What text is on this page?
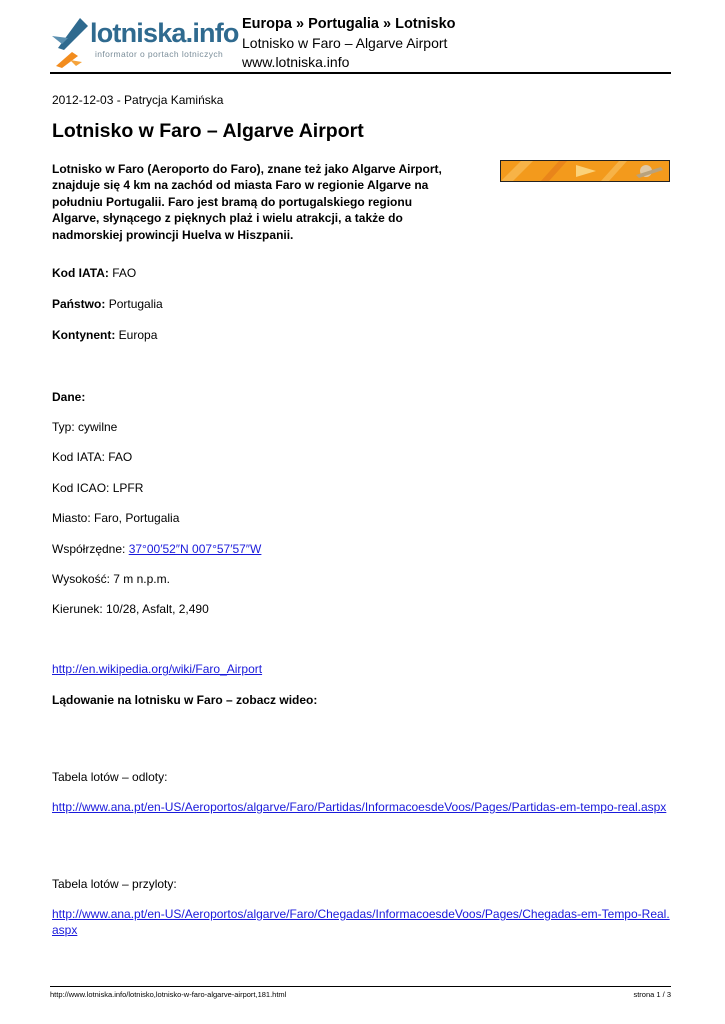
lotniska.info
informator o portach lotniczych
Europa » Portugalia » Lotnisko
Lotnisko w Faro – Algarve Airport
www.lotniska.info
2012-12-03 - Patrycja Kamińska
Lotnisko w Faro – Algarve Airport

Lotnisko w Faro (Aeroporto do Faro), znane też jako Algarve Airport, znajduje się 4 km na zachód od miasta Faro w regionie Algarve na południu Portugalii. Faro jest bramą do portugalskiego regionu Algarve, słynącego z pięknych plaż i wielu atrakcji, a także do nadmorskiej prowincji Huelva w Hiszpanii.

Kod IATA: FAO
Państwo: Portugalia
Kontynent: Europa
Dane:
Typ: cywilne
Kod IATA: FAO
Kod ICAO: LPFR
Miasto: Faro, Portugalia
Współrzędne: 37°00′52″N 007°57′57″W
Wysokość: 7 m n.p.m.
Kierunek: 10/28, Asfalt, 2,490
http://en.wikipedia.org/wiki/Faro_Airport
Lądowanie na lotnisku w Faro – zobacz wideo:
Tabela lotów – odloty:
http://www.ana.pt/en-US/Aeroportos/algarve/Faro/Partidas/InformacoesdeVoos/Pages/Partidas-em-tempo-real.aspx
Tabela lotów – przyloty:
http://www.ana.pt/en-US/Aeroportos/algarve/Faro/Chegadas/InformacoesdeVoos/Pages/Chegadas-em-Tempo-Real.aspx
http://www.lotniska.info/lotnisko,lotnisko-w-faro-algarve-airport,181.html	strona 1 / 3
